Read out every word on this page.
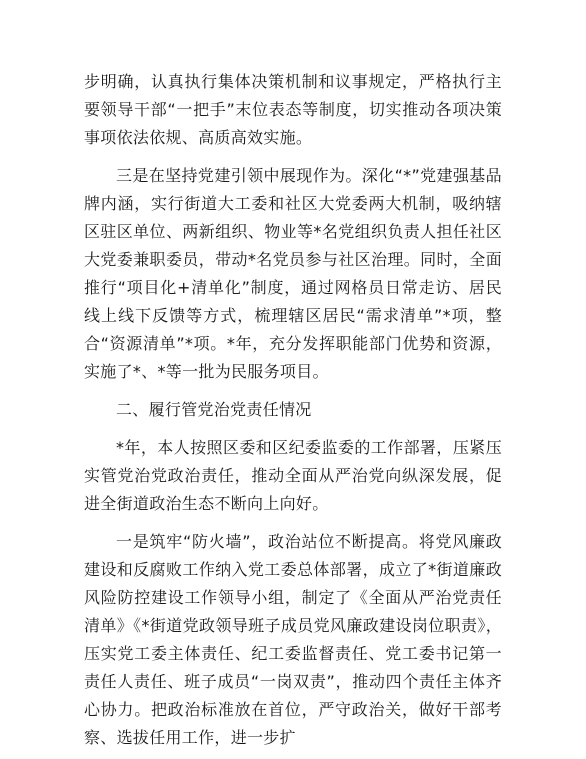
步明确，认真执行集体决策机制和议事规定，严格执行主要领导干部“一把手”末位表态等制度，切实推动各项决策事项依法依规、高质高效实施。

三是在坚持党建引领中展现作为。深化“*”党建强基品牌内涵，实行街道大工委和社区大党委两大机制，吸纳辖区驻区单位、两新组织、物业等*名党组织负责人担任社区大党委兼职委员，带动*名党员参与社区治理。同时，全面推行“项目化+清单化”制度，通过网格员日常走访、居民线上线下反馈等方式，梳理辖区居民“需求清单”*项，整合“资源清单”*项。*年，充分发挥职能部门优势和资源，实施了*、*等一批为民服务项目。

二、履行管党治党责任情况

*年，本人按照区委和区纪委监委的工作部署，压紧压实管党治党政治责任，推动全面从严治党向纵深发展，促进全街道政治生态不断向上向好。

一是筑牢“防火墙”，政治站位不断提高。将党风廉政建设和反腐败工作纳入党工委总体部署，成立了*街道廉政风险防控建设工作领导小组，制定了《全面从严治党责任清单》《*街道党政领导班子成员党风廉政建设岗位职责》，压实党工委主体责任、纪工委监督责任、党工委书记第一责任人责任、班子成员“一岗双责”，推动四个责任主体齐心协力。把政治标准放在首位，严守政治关，做好干部考察、选拔任用工作，进一步扩
